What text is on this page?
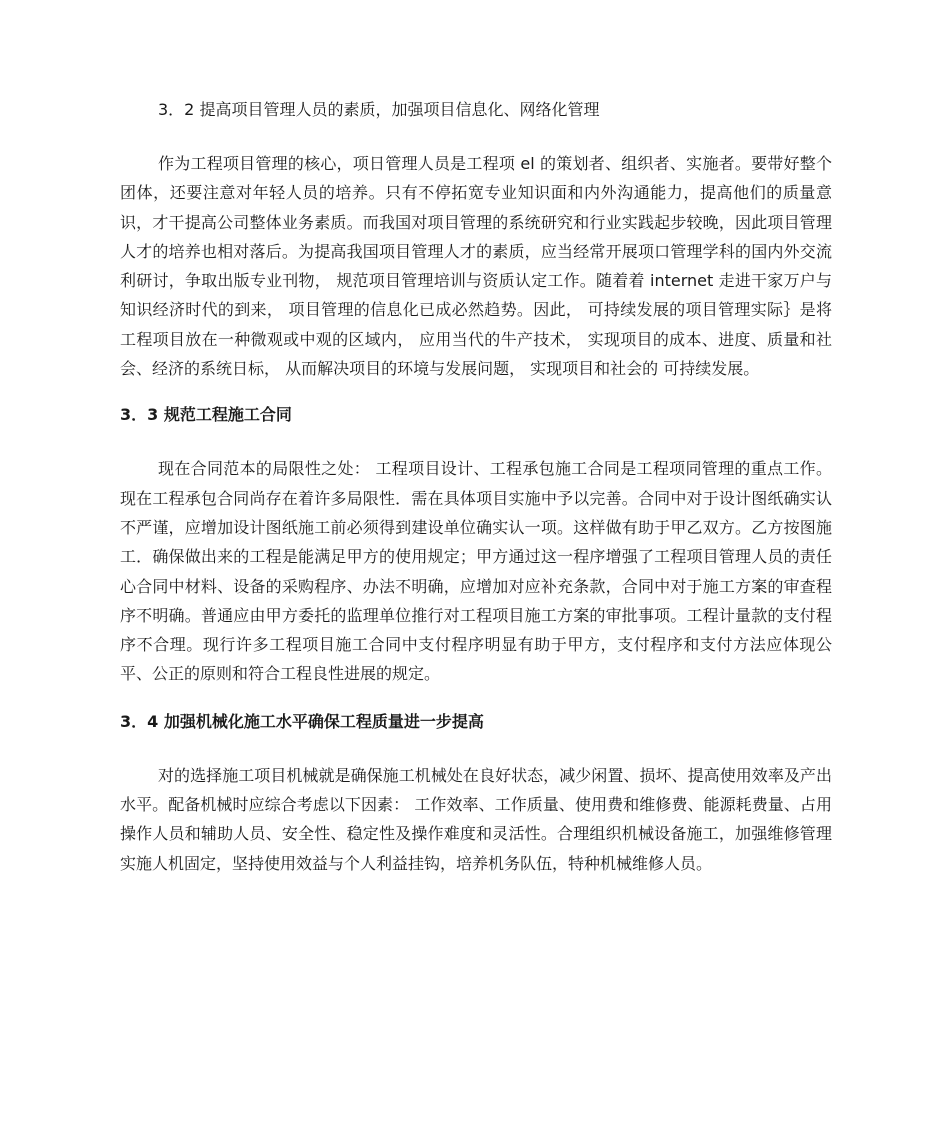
3．2 提高项目管理人员的素质，加强项目信息化、网络化管理

作为工程项目管理的核心，项日管理人员是工程项 el 的策划者、组织者、实施者。要带好整个团体，还要注意对年轻人员的培养。只有不停拓宽专业知识面和内外沟通能力，提高他们的质量意识，才干提高公司整体业务素质。而我国对项目管理的系统研究和行业实践起步较晚，因此项目管理人才的培养也相对落后。为提高我国项目管理人才的素质，应当经常开展项口管理学科的国内外交流利研讨，争取出版专业刊物， 规范项目管理培训与资质认定工作。随着着 internet 走进干家万户与知识经济时代的到来， 项目管理的信息化已成必然趋势。因此， 可持续发展的项目管理实际｝是将工程项目放在一种微观或中观的区域内， 应用当代的牛产技术， 实现项目的成本、进度、质量和社会、经济的系统日标， 从而解决项目的环境与发展问题， 实现项目和社会的 可持续发展。

3．3 规范工程施工合同

现在合同范本的局限性之处： 工程项目设计、工程承包施工合同是工程项同管理的重点工作。现在工程承包合同尚存在着许多局限性．需在具体项目实施中予以完善。合同中对于设计图纸确实认不严谨，应增加设计图纸施工前必须得到建设单位确实认一项。这样做有助于甲乙双方。乙方按图施工．确保做出来的工程是能满足甲方的使用规定；甲方通过这一程序增强了工程项目管理人员的责任心合同中材料、设备的采购程序、办法不明确，应增加对应补充条款，合同中对于施工方案的审查程序不明确。普通应由甲方委托的监理单位推行对工程项目施工方案的审批事项。工程计量款的支付程序不合理。现行许多工程项目施工合同中支付程序明显有助于甲方，支付程序和支付方法应体现公平、公正的原则和符合工程良性进展的规定。

3．4 加强机械化施工水平确保工程质量进一步提高

对的选择施工项目机械就是确保施工机械处在良好状态，减少闲置、损坏、提高使用效率及产出水平。配备机械时应综合考虑以下因素： 工作效率、工作质量、使用费和维修费、能源耗费量、占用操作人员和辅助人员、安全性、稳定性及操作难度和灵活性。合理组织机械设备施工，加强维修管理实施人机固定，坚持使用效益与个人利益挂钩，培养机务队伍，特种机械维修人员。
